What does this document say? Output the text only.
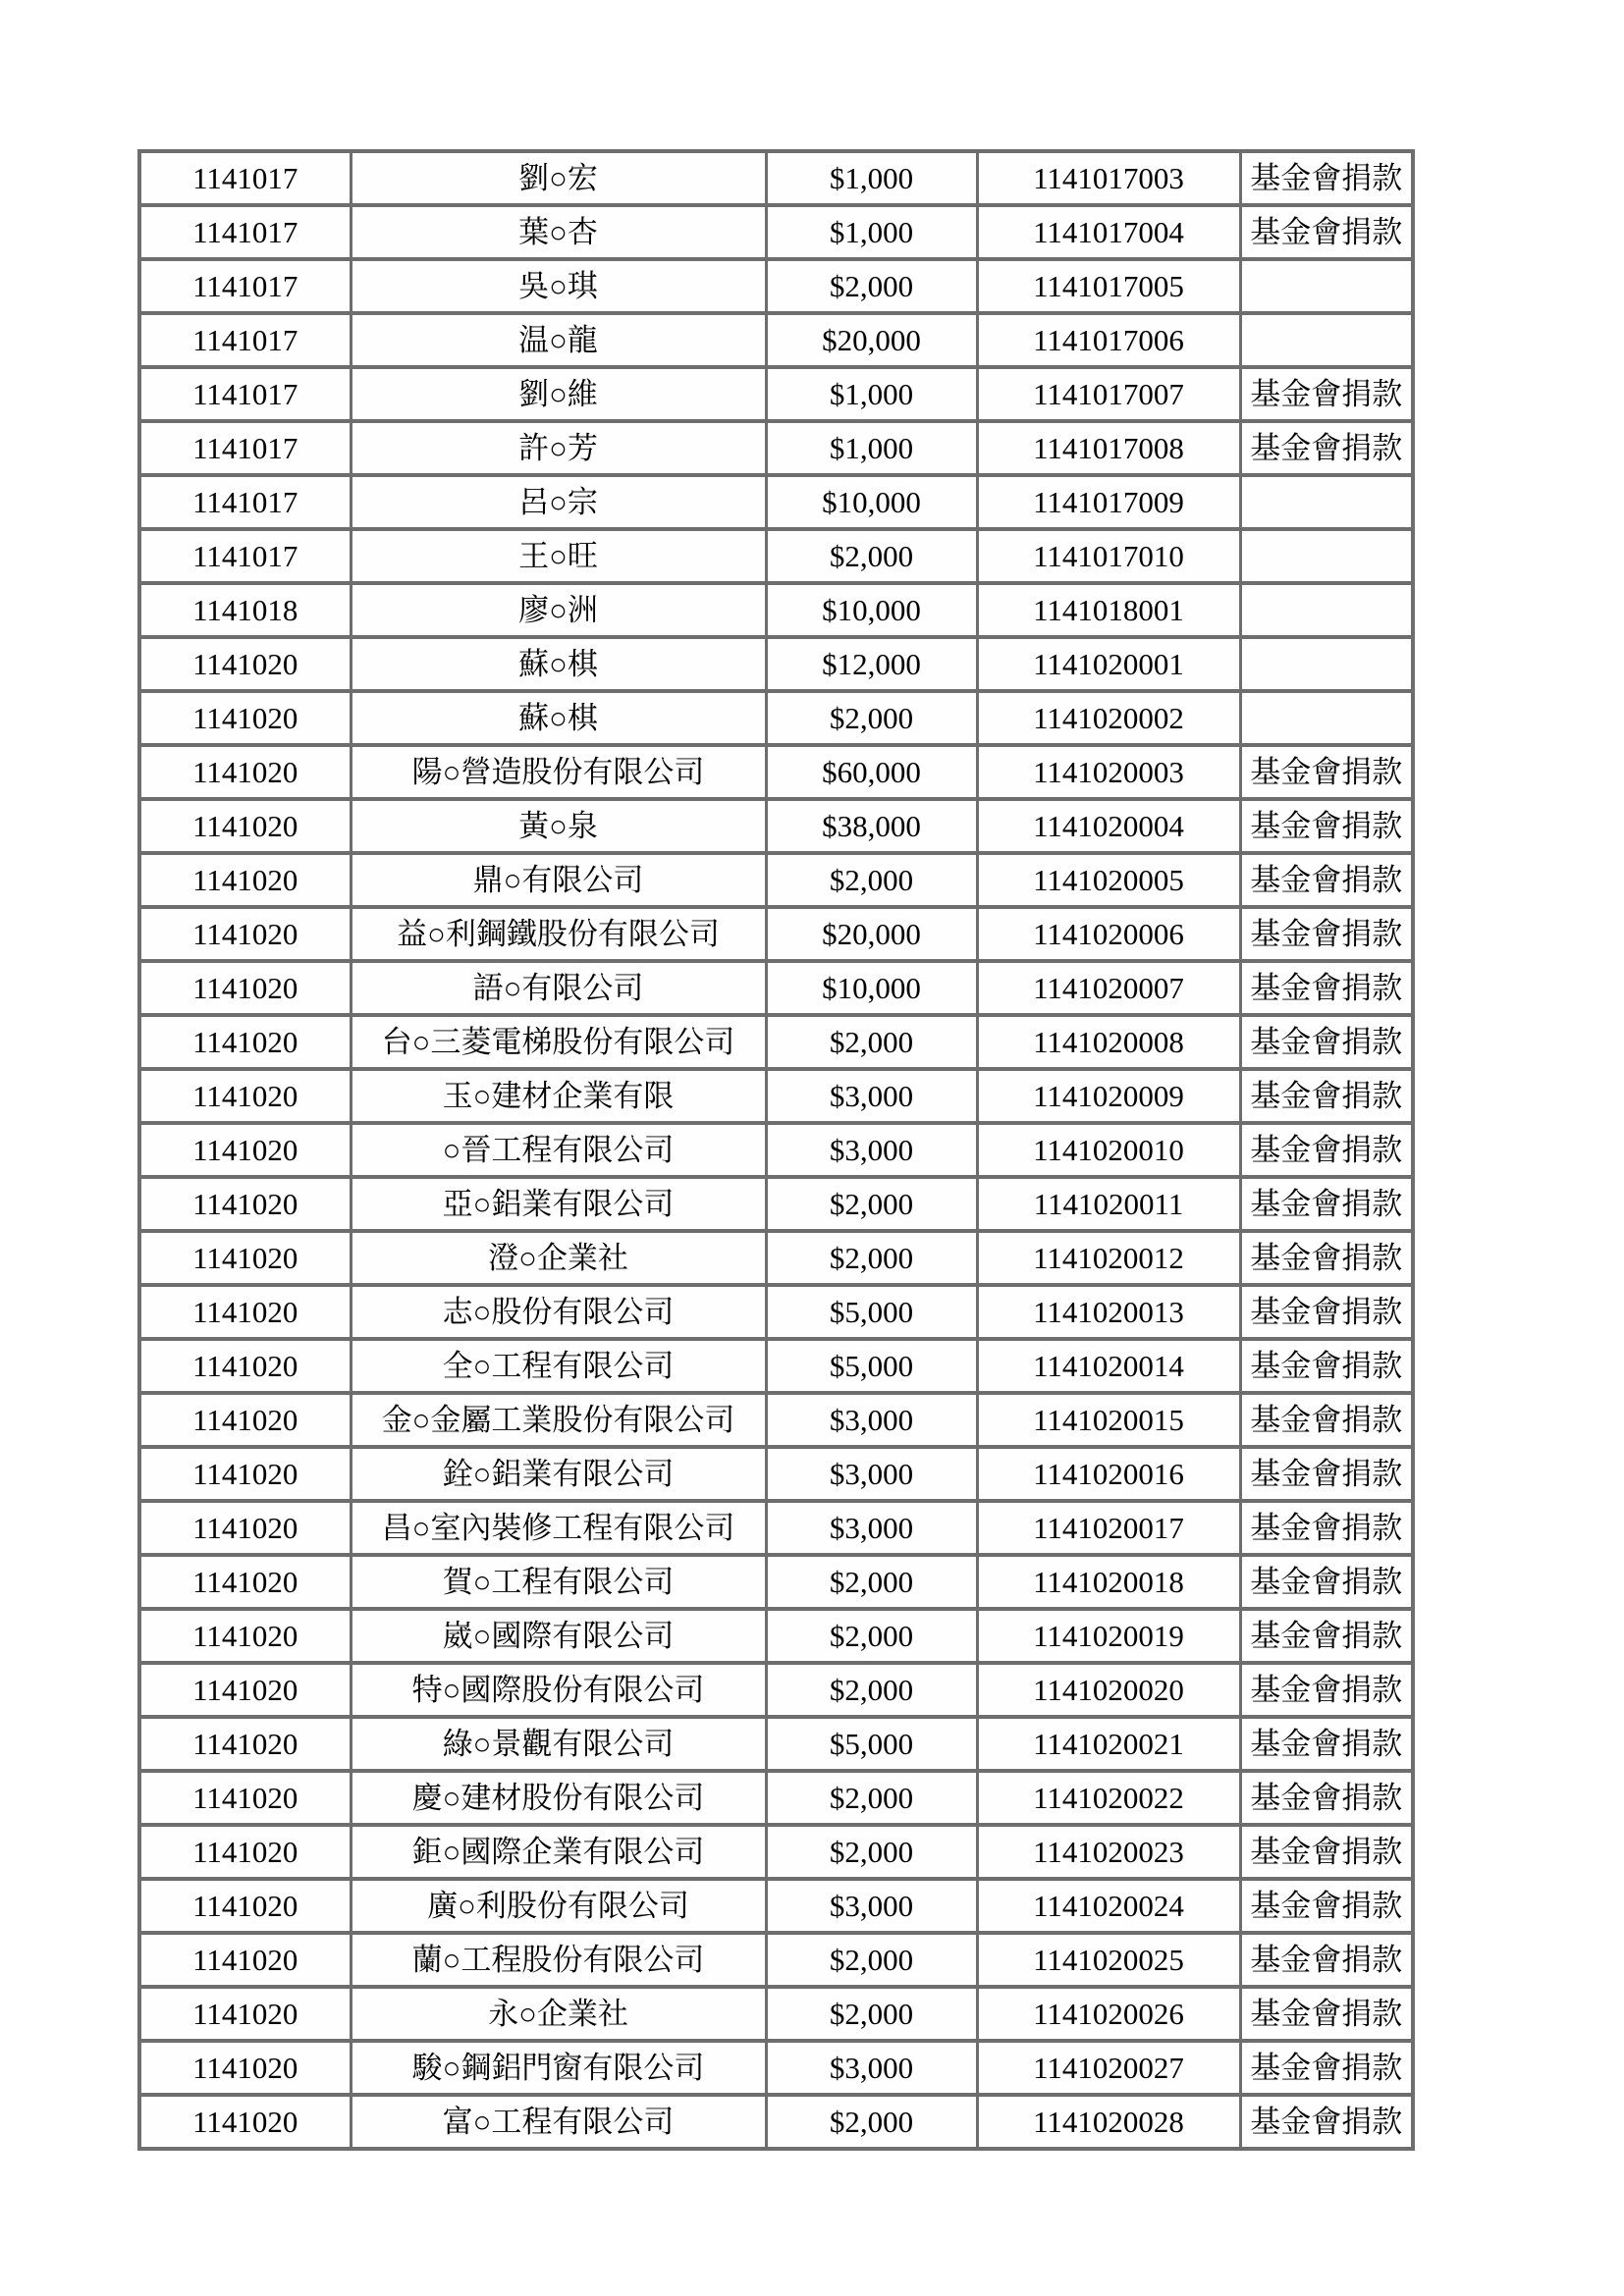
1141017	劉○宏	$1,000	1141017003	基金會捐款
1141017	葉○杏	$1,000	1141017004	基金會捐款
1141017	吳○琪	$2,000	1141017005	
1141017	温○龍	$20,000	1141017006	
1141017	劉○維	$1,000	1141017007	基金會捐款
1141017	許○芳	$1,000	1141017008	基金會捐款
1141017	呂○宗	$10,000	1141017009	
1141017	王○旺	$2,000	1141017010	
1141018	廖○洲	$10,000	1141018001	
1141020	蘇○棋	$12,000	1141020001	
1141020	蘇○棋	$2,000	1141020002	
1141020	陽○營造股份有限公司	$60,000	1141020003	基金會捐款
1141020	黃○泉	$38,000	1141020004	基金會捐款
1141020	鼎○有限公司	$2,000	1141020005	基金會捐款
1141020	益○利鋼鐵股份有限公司	$20,000	1141020006	基金會捐款
1141020	語○有限公司	$10,000	1141020007	基金會捐款
1141020	台○三菱電梯股份有限公司	$2,000	1141020008	基金會捐款
1141020	玉○建材企業有限	$3,000	1141020009	基金會捐款
1141020	○晉工程有限公司	$3,000	1141020010	基金會捐款
1141020	亞○鋁業有限公司	$2,000	1141020011	基金會捐款
1141020	澄○企業社	$2,000	1141020012	基金會捐款
1141020	志○股份有限公司	$5,000	1141020013	基金會捐款
1141020	全○工程有限公司	$5,000	1141020014	基金會捐款
1141020	金○金屬工業股份有限公司	$3,000	1141020015	基金會捐款
1141020	銓○鋁業有限公司	$3,000	1141020016	基金會捐款
1141020	昌○室內裝修工程有限公司	$3,000	1141020017	基金會捐款
1141020	賀○工程有限公司	$2,000	1141020018	基金會捐款
1141020	崴○國際有限公司	$2,000	1141020019	基金會捐款
1141020	特○國際股份有限公司	$2,000	1141020020	基金會捐款
1141020	綠○景觀有限公司	$5,000	1141020021	基金會捐款
1141020	慶○建材股份有限公司	$2,000	1141020022	基金會捐款
1141020	鉅○國際企業有限公司	$2,000	1141020023	基金會捐款
1141020	廣○利股份有限公司	$3,000	1141020024	基金會捐款
1141020	蘭○工程股份有限公司	$2,000	1141020025	基金會捐款
1141020	永○企業社	$2,000	1141020026	基金會捐款
1141020	駿○鋼鋁門窗有限公司	$3,000	1141020027	基金會捐款
1141020	富○工程有限公司	$2,000	1141020028	基金會捐款
